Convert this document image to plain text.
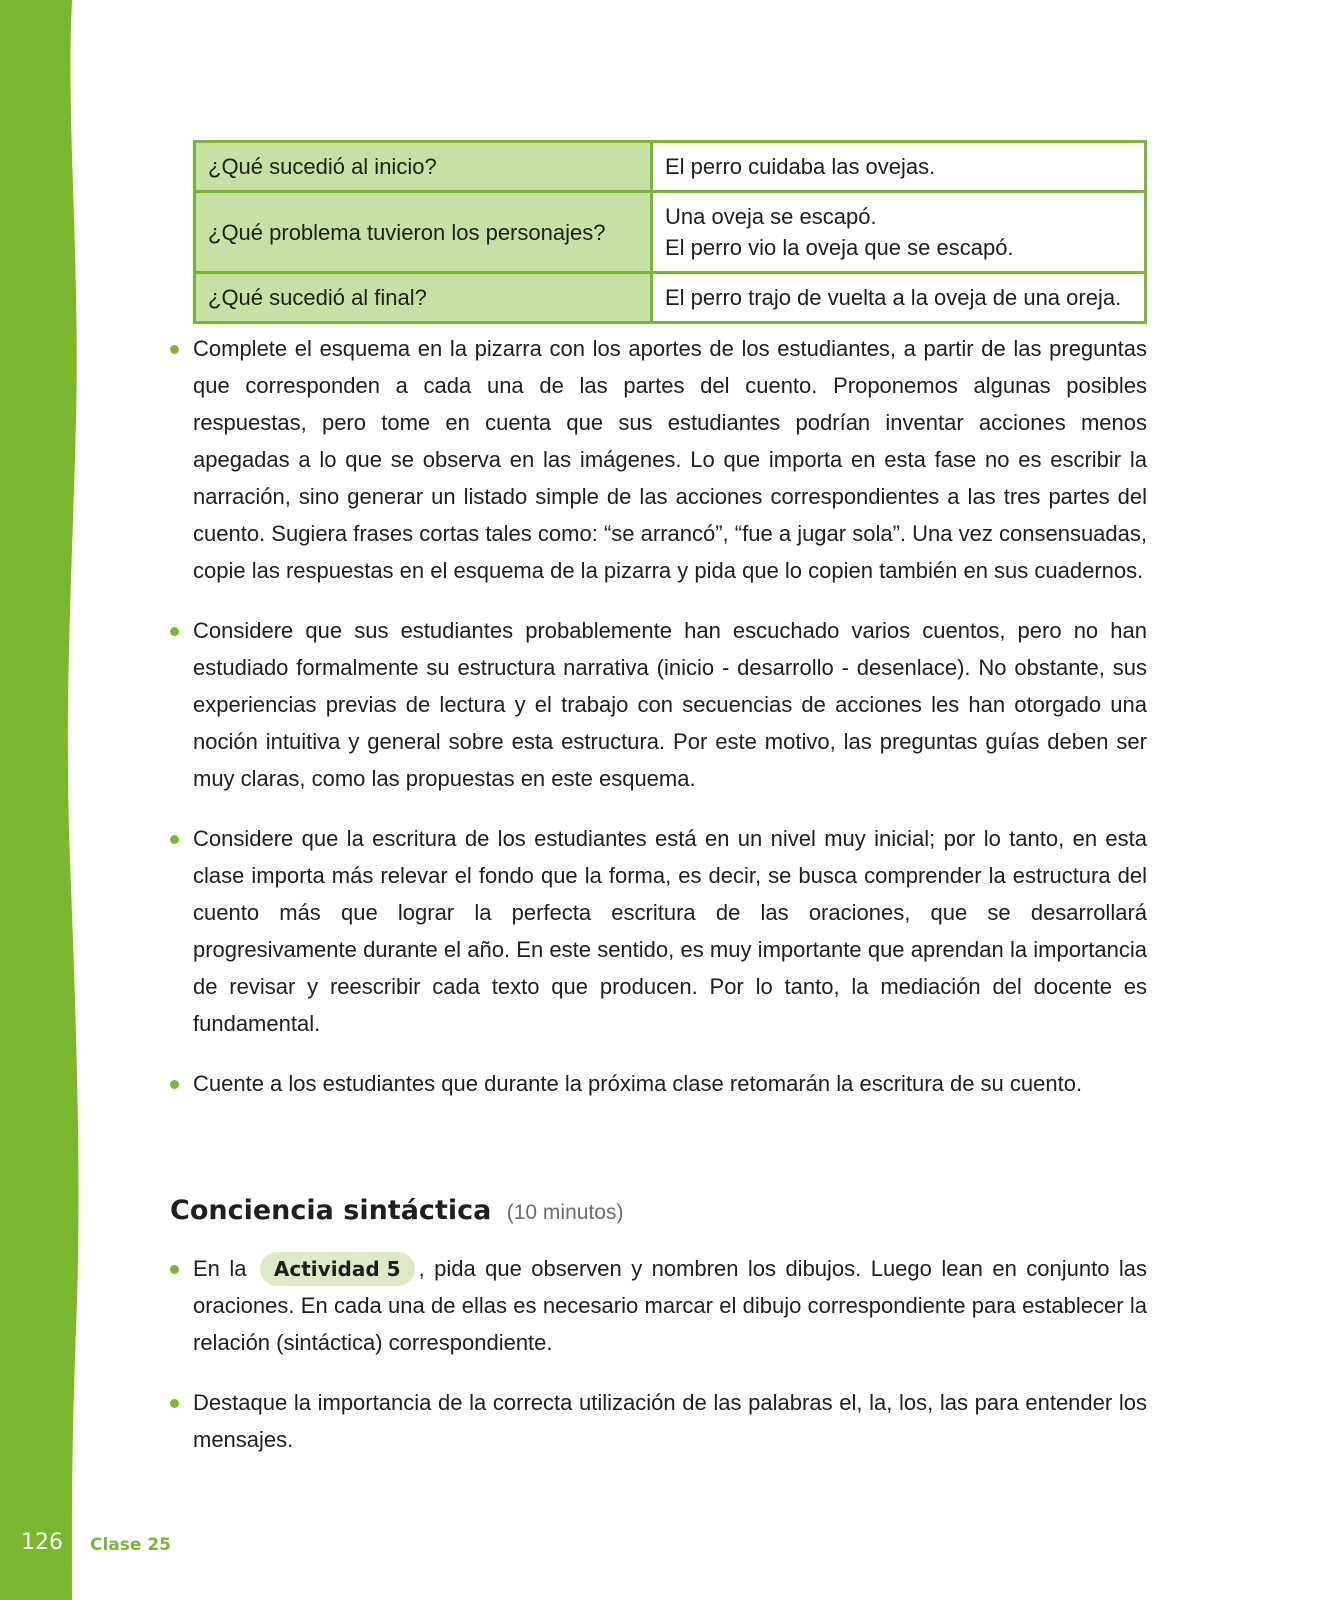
126 Clase 25
¿Qué sucedió al inicio?	El perro cuidaba las ovejas.
¿Qué problema tuvieron los personajes?	Una oveja se escapó.
El perro vio la oveja que se escapó.

¿Qué sucedió al final?	El perro trajo de vuelta a la oveja de una oreja.
Complete el esquema en la pizarra con los aportes de los estudiantes, a partir de las preguntas que corresponden a cada una de las partes del cuento. Proponemos algunas posibles respuestas, pero tome en cuenta que sus estudiantes podrían inventar acciones menos apegadas a lo que se observa en las imágenes. Lo que importa en esta fase no es escribir la narración, sino generar un listado simple de las acciones correspondientes a las tres partes del cuento. Sugiera frases cortas tales como: “se arrancó”, “fue a jugar sola”. Una vez consensuadas, copie las respuestas en el esquema de la pizarra y pida que lo copien también en sus cuadernos.
Considere que sus estudiantes probablemente han escuchado varios cuentos, pero no han estudiado formalmente su estructura narrativa (inicio - desarrollo - desenlace). No obstante, sus experiencias previas de lectura y el trabajo con secuencias de acciones les han otorgado una noción intuitiva y general sobre esta estructura. Por este motivo, las preguntas guías deben ser muy claras, como las propuestas en este esquema.
Considere que la escritura de los estudiantes está en un nivel muy inicial; por lo tanto, en esta clase importa más relevar el fondo que la forma, es decir, se busca comprender la estructura del cuento más que lograr la perfecta escritura de las oraciones, que se desarrollará progresivamente durante el año. En este sentido, es muy importante que aprendan la importancia de revisar y reescribir cada texto que producen. Por lo tanto, la mediación del docente es fundamental.
Cuente a los estudiantes que durante la próxima clase retomarán la escritura de su cuento.
Conciencia sintáctica (10 minutos)
En la Actividad 5 , pida que observen y nombren los dibujos. Luego lean en conjunto las oraciones. En cada una de ellas es necesario marcar el dibujo correspondiente para establecer la relación (sintáctica) correspondiente.
Destaque la importancia de la correcta utilización de las palabras el, la, los, las para entender los mensajes.
